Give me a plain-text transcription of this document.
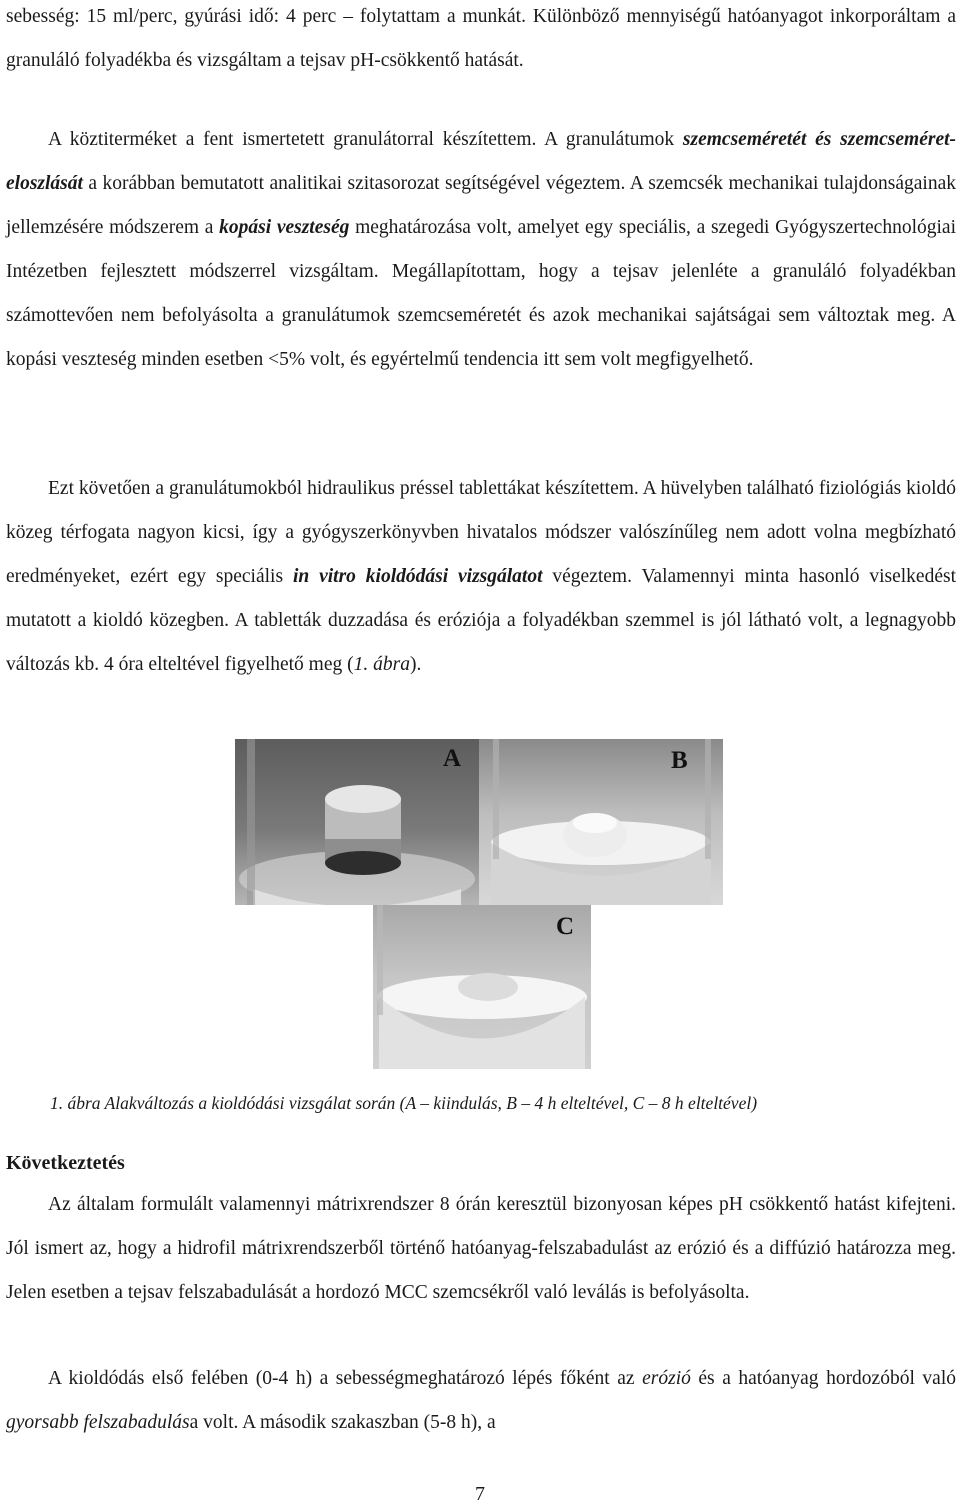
sebesség: 15 ml/perc, gyúrási idő: 4 perc – folytattam a munkát. Különböző mennyiségű hatóanyagot inkorporáltam a granuláló folyadékba és vizsgáltam a tejsav pH-csökkentő hatását.

A köztiterméket a fent ismertetett granulátorral készítettem. A granulátumok szemcseméretét és szemcseméret-eloszlását a korábban bemutatott analitikai szitasorozat segítségével végeztem. A szemcsék mechanikai tulajdonságainak jellemzésére módszerem a kopási veszteség meghatározása volt, amelyet egy speciális, a szegedi Gyógyszertechnológiai Intézetben fejlesztett módszerrel vizsgáltam. Megállapítottam, hogy a tejsav jelenléte a granuláló folyadékban számottevően nem befolyásolta a granulátumok szemcseméretét és azok mechanikai sajátságai sem változtak meg. A kopási veszteség minden esetben <5% volt, és egyértelmű tendencia itt sem volt megfigyelhető.

Ezt követően a granulátumokból hidraulikus préssel tablettákat készítettem. A hüvelyben található fiziológiás kioldó közeg térfogata nagyon kicsi, így a gyógyszerkönyvben hivatalos módszer valószínűleg nem adott volna megbízható eredményeket, ezért egy speciális in vitro kioldódási vizsgálatot végeztem. Valamennyi minta hasonló viselkedést mutatott a kioldó közegben. A tabletták duzzadása és eróziója a folyadékban szemmel is jól látható volt, a legnagyobb változás kb. 4 óra elteltével figyelhető meg (1. ábra).

A	B
C
1. ábra Alakváltozás a kioldódási vizsgálat során (A – kiindulás, B – 4 h elteltével, C – 8 h elteltével)
Következtetés

Az általam formulált valamennyi mátrixrendszer 8 órán keresztül bizonyosan képes pH csökkentő hatást kifejteni. Jól ismert az, hogy a hidrofil mátrixrendszerből történő hatóanyag-felszabadulást az erózió és a diffúzió határozza meg. Jelen esetben a tejsav felszabadulását a hordozó MCC szemcsékről való leválás is befolyásolta.

A kioldódás első felében (0-4 h) a sebességmeghatározó lépés főként az erózió és a hatóanyag hordozóból való gyorsabb felszabadulása volt. A második szakaszban (5-8 h), a

7
